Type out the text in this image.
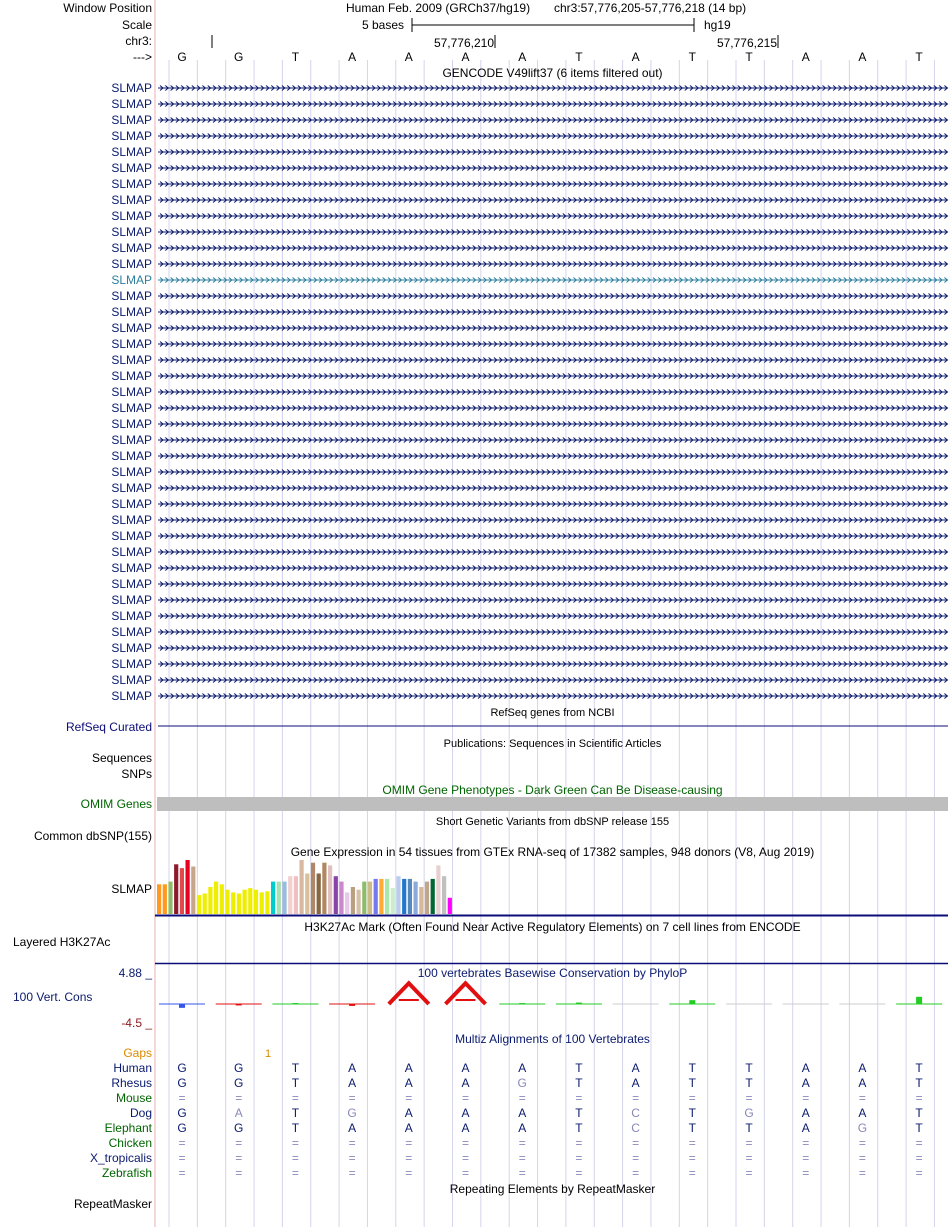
Window Position
Scale
chr3:
--->
Human Feb. 2009 (GRCh37/hg19) chr3:57,776,205-57,776,218 (14 bp)
5 bases	hg19
57,776,210	57,776,215
G	G	T	A	A	A	A	T	A	T	T	A	A	T
GENCODE V49lift37 (6 items filtered out)
SLMAP
SLMAP
SLMAP
SLMAP
SLMAP
SLMAP
SLMAP
SLMAP
SLMAP
SLMAP
SLMAP
SLMAP
SLMAP
SLMAP
SLMAP
SLMAP
SLMAP
SLMAP
SLMAP
SLMAP
SLMAP
SLMAP
SLMAP
SLMAP
SLMAP
SLMAP
SLMAP
SLMAP
SLMAP
SLMAP
SLMAP
SLMAP
SLMAP
SLMAP
SLMAP
SLMAP
SLMAP
SLMAP
SLMAP
RefSeq genes from NCBI
RefSeq Curated
Publications: Sequences in Scientific Articles
Sequences
SNPs
OMIM Gene Phenotypes - Dark Green Can Be Disease-causing
OMIM Genes
Short Genetic Variants from dbSNP release 155
Common dbSNP(155)
Gene Expression in 54 tissues from GTEx RNA-seq of 17382 samples, 948 donors (V8, Aug 2019)
SLMAP
H3K27Ac Mark (Often Found Near Active Regulatory Elements) on 7 cell lines from ENCODE
Layered H3K27Ac
100 vertebrates Basewise Conservation by PhyloP
4.88 _
-4.5 _
100 Vert. Cons
Multiz Alignments of 100 Vertebrates
Gaps	1
Human G	G	T	A	A	A	A	T	A	T	T	A	A	T
Rhesus G	G	T	A	A	A	G	T	A	T	T	A	A	T
Mouse =	=	=	=	=	=	=	=	=	=	=	=	=	=
Dog G	A	T	G	A	A	A	T	C	T	G	A	A	T
Elephant G	G	T	A	A	A	A	T	C	T	T	A	G	T
Chicken =	=	=	=	=	=	=	=	=	=	=	=	=	=
X_tropicalis =	=	=	=	=	=	=	=	=	=	=	=	=	=
Zebrafish =	=	=	=	=	=	=	=	=	=	=	=	=	=
Repeating Elements by RepeatMasker
RepeatMasker
